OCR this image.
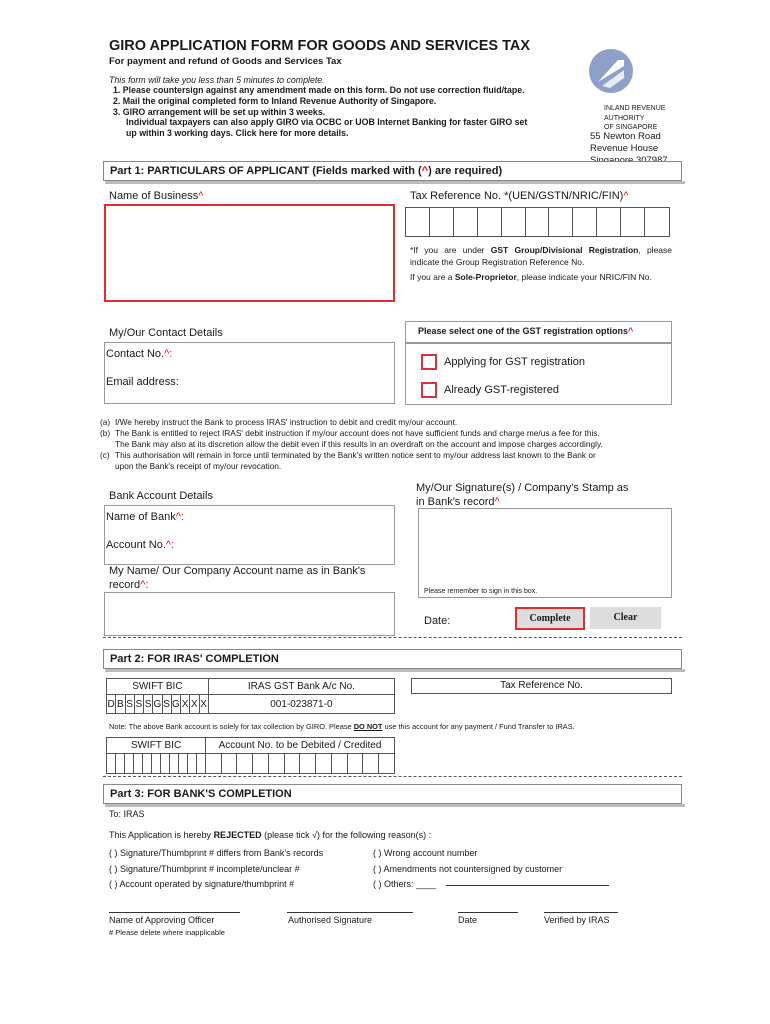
GIRO APPLICATION FORM FOR GOODS AND SERVICES TAX
For payment and refund of Goods and Services Tax
This form will take you less than 5 minutes to complete.
1. Please countersign against any amendment made on this form. Do not use correction fluid/tape.
2. Mail the original completed form to Inland Revenue Authority of Singapore.
3. GIRO arrangement will be set up within 3 weeks.
Individual taxpayers can also apply GIRO via OCBC or UOB Internet Banking for faster GIRO set
up within 3 working days. Click here for more details.
INLAND REVENUE
AUTHORITY
OF SINGAPORE
55 Newton Road
Revenue House
Part 1: PARTICULARS OF APPLICANT (Fields marked with ( ^ ) are required)
Name of Business^	Tax Reference No. *(UEN/GSTN/NRIC/FIN)^
*If you are under GST Group/Divisional Registration, please indicate the Group Registration Reference No.
If you are a Sole-Proprietor, please indicate your NRIC/FIN No.
My/Our Contact Details
Contact No.^:
Email address:
Please select one of the GST registration options^
Applying for GST registration
Already GST-registered
(a) I/We hereby instruct the Bank to process IRAS' instruction to debit and credit my/our account.
(b) The Bank is entitled to reject IRAS' debit instruction if my/our account does not have sufficient funds and charge me/us a fee for this.
The Bank may also at its discretion allow the debit even if this results in an overdraft on the account and impose charges accordingly.
(c) This authorisation will remain in force until terminated by the Bank's written notice sent to my/our address last known to the Bank or
upon the Bank's receipt of my/our revocation.
Bank Account Details
Name of Bank^:
Account No.^:
My Name/ Our Company Account name as in Bank's
record^:
My/Our Signature(s) / Company's Stamp as
in Bank's record^
Please remember to sign in this box.
Date:	Complete	Clear
Part 2: FOR IRAS' COMPLETION
SWIFT BIC											IRAS GST Bank A/c No.
D	B	S	S	S	G	S	G	X	X	X	001-023871-0
Tax Reference No.
Note: The above Bank account is solely for tax collection by GIRO. Please DO NOT use this account for any payment / Fund Transfer to IRAS.
SWIFT BIC											Account No. to be Debited / Credited											

Part 3: FOR BANK'S COMPLETION
To: IRAS
This Application is hereby REJECTED (please tick √) for the following reason(s) :
( ) Signature/Thumbprint # differs from Bank's records
( ) Signature/Thumbprint # incomplete/unclear #
( ) Account operated by signature/thumbprint #
( ) Wrong account number
( ) Amendments not countersigned by customer
( ) Others: ____
Name of Approving Officer	Authorised Signature	Date	Verified by IRAS
# Please delete where inapplicable
